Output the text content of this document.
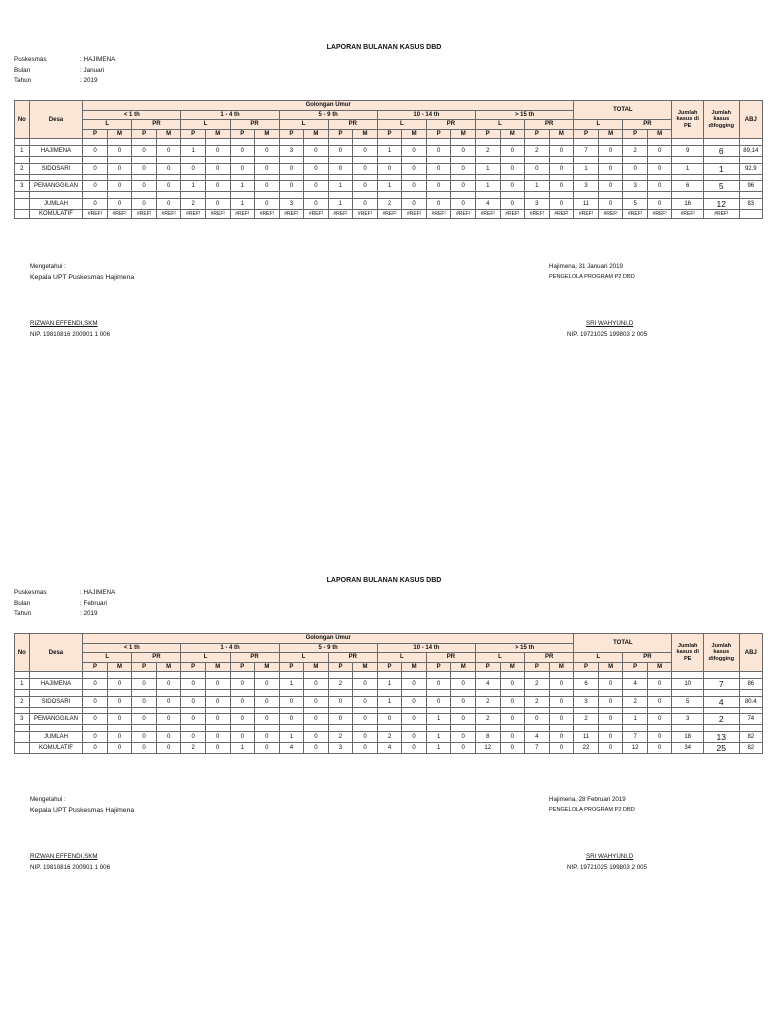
LAPORAN BULANAN KASUS DBD
Puskesmas	: HAJIMENA
Bulan	: Januari
Tahun	: 2019
No	Desa	Golongan Umur																				TOTAL				Jumlah kasus di PE	Jumlah kasus difogging	ABJ
		< 1 th				1 - 4 th				5 - 9 th				10 - 14 th				> 15 th										
		L		PR		L		PR		L		PR		L		PR		L		PR		L		PR				
		P	M	P	M	P	M	P	M	P	M	P	M	P	M	P	M	P	M	P	M	P	M	P	M			

1	HAJIMENA	0	0	0	0	1	0	0	0	3	0	0	0	1	0	0	0	2	0	2	0	7	0	2	0	9	6	89,14

2	SIDOSARI	0	0	0	0	0	0	0	0	0	0	0	0	0	0	0	0	1	0	0	0	1	0	0	0	1	1	92.9

3	PEMANGGILAN	0	0	0	0	1	0	1	0	0	0	1	0	1	0	0	0	1	0	1	0	3	0	3	0	6	5	96

	JUMLAH	0	0	0	0	2	0	1	0	3	0	1	0	2	0	0	0	4	0	3	0	11	0	5	0	16	12	83
	KOMULATIF	#REF!	#REF!	#REF!	#REF!	#REF!	#REF!	#REF!	#REF!	#REF!	#REF!	#REF!	#REF!	#REF!	#REF!	#REF!	#REF!	#REF!	#REF!	#REF!	#REF!	#REF!	#REF!	#REF!	#REF!	#REF!	#REF!	
Mengetahui :
Kepala UPT Puskesmas Hajimena
Hajimena, 31 Januari 2019
PENGELOLA PROGRAM P2 DBD
RIZWAN EFFENDI,SKM
NIP. 19810816 200901 1 006
SRI WAHYUNI,D
NIP. 19721025 199803 2 005
LAPORAN BULANAN KASUS DBD
Puskesmas	: HAJIMENA
Bulan	: Februari
Tahun	: 2019
No	Desa	Golongan Umur																				TOTAL				Jumlah kasus di PE	Jumlah kasus difogging	ABJ
		< 1 th				1 - 4 th				5 - 9 th				10 - 14 th				> 15 th										
		L		PR		L		PR		L		PR		L		PR		L		PR		L		PR				
		P	M	P	M	P	M	P	M	P	M	P	M	P	M	P	M	P	M	P	M	P	M	P	M			

1	HAJIMENA	0	0	0	0	0	0	0	0	1	0	2	0	1	0	0	0	4	0	2	0	6	0	4	0	10	7	86

2	SIDOSARI	0	0	0	0	0	0	0	0	0	0	0	0	1	0	0	0	2	0	2	0	3	0	2	0	5	4	80.4

3	PEMANGGILAN	0	0	0	0	0	0	0	0	0	0	0	0	0	0	1	0	2	0	0	0	2	0	1	0	3	2	74

	JUMLAH	0	0	0	0	0	0	0	0	1	0	2	0	2	0	1	0	8	0	4	0	11	0	7	0	18	13	82
	KOMULATIF	0	0	0	0	2	0	1	0	4	0	3	0	4	0	1	0	12	0	7	0	22	0	12	0	34	25	82
Mengetahui :
Kepala UPT Puskesmas Hajimena
Hajimena, 28 Februari 2019
PENGELOLA PROGRAM P2 DBD
RIZWAN EFFENDI,SKM
NIP. 19810816 200901 1 006
SRI WAHYUNI,D
NIP. 19721025 199803 2 005
